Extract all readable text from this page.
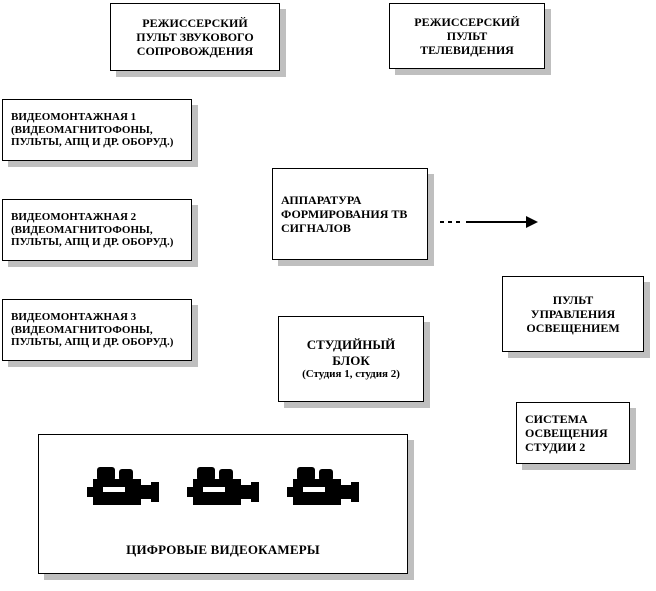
РЕЖИССЕРСКИЙ
ПУЛЬТ ЗВУКОВОГО
СОПРОВОЖДЕНИЯ
РЕЖИССЕРСКИЙ
ПУЛЬТ
ТЕЛЕВИДЕНИЯ
ВИДЕОМОНТАЖНАЯ 1
(ВИДЕОМАГНИТОФОНЫ,
ПУЛЬТЫ, АПЦ И ДР. ОБОРУД.)
ВИДЕОМОНТАЖНАЯ 2
(ВИДЕОМАГНИТОФОНЫ,
ПУЛЬТЫ, АПЦ И ДР. ОБОРУД.)
ВИДЕОМОНТАЖНАЯ 3
(ВИДЕОМАГНИТОФОНЫ,
ПУЛЬТЫ, АПЦ И ДР. ОБОРУД.)
АППАРАТУРА
ФОРМИРОВАНИЯ ТВ
СИГНАЛОВ
СТУДИЙНЫЙ
БЛОК
(Студия 1, студия 2)
ПУЛЬТ
УПРАВЛЕНИЯ
ОСВЕЩЕНИЕМ
СИСТЕМА
ОСВЕЩЕНИЯ
СТУДИИ 2
ЦИФРОВЫЕ ВИДЕОКАМЕРЫ
